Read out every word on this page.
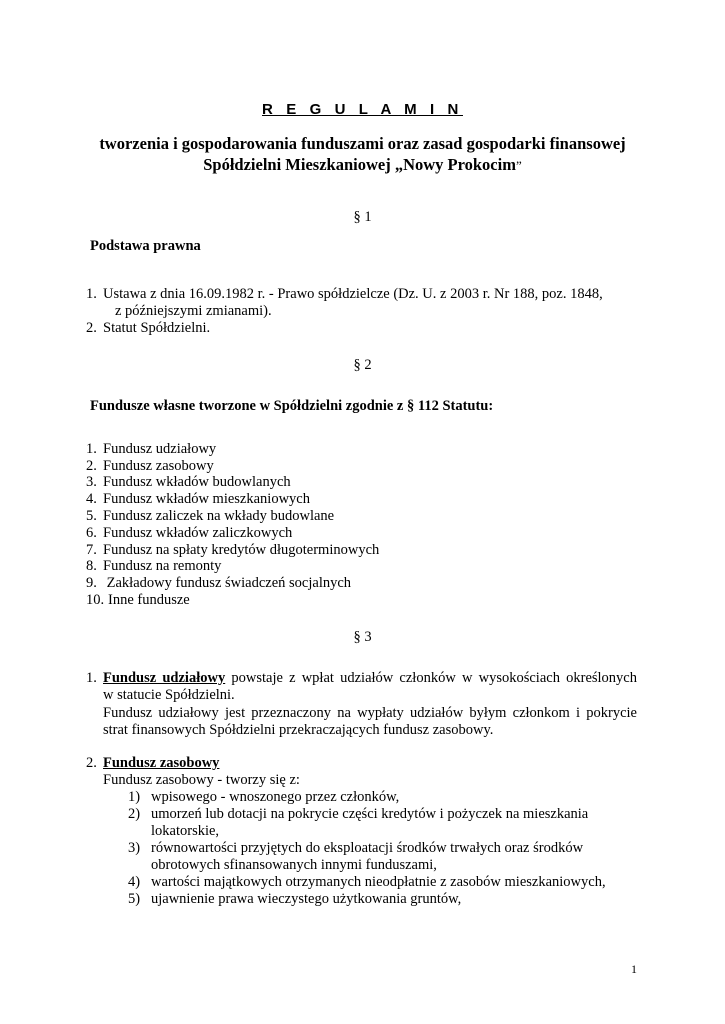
R E G U L A M I N
tworzenia i gospodarowania funduszami oraz zasad gospodarki finansowej
Spółdzielni Mieszkaniowej „Nowy Prokocim”
§ 1
Podstawa prawna
1. Ustawa z dnia 16.09.1982 r. - Prawo spółdzielcze (Dz. U. z 2003 r. Nr 188, poz. 1848,
z późniejszymi zmianami).
2. Statut Spółdzielni.
§ 2
Fundusze własne tworzone w Spółdzielni zgodnie z § 112 Statutu:
1. Fundusz udziałowy
2. Fundusz zasobowy
3. Fundusz wkładów budowlanych
4. Fundusz wkładów mieszkaniowych
5. Fundusz zaliczek na wkłady budowlane
6. Fundusz wkładów zaliczkowych
7. Fundusz na spłaty kredytów długoterminowych
8. Fundusz na remonty
9. Zakładowy fundusz świadczeń socjalnych
10. Inne fundusze
§ 3
1. Fundusz udziałowy powstaje z wpłat udziałów członków w wysokościach określonych
w statucie Spółdzielni.
Fundusz udziałowy jest przeznaczony na wypłaty udziałów byłym członkom i pokrycie
strat finansowych Spółdzielni przekraczających fundusz zasobowy.
2. Fundusz zasobowy
Fundusz zasobowy - tworzy się z:
1) wpisowego - wnoszonego przez członków,
2) umorzeń lub dotacji na pokrycie części kredytów i pożyczek na mieszkania
lokatorskie,
3) równowartości przyjętych do eksploatacji środków trwałych oraz środków
obrotowych sfinansowanych innymi funduszami,
4) wartości majątkowych otrzymanych nieodpłatnie z zasobów mieszkaniowych,
5) ujawnienie prawa wieczystego użytkowania gruntów,
1
